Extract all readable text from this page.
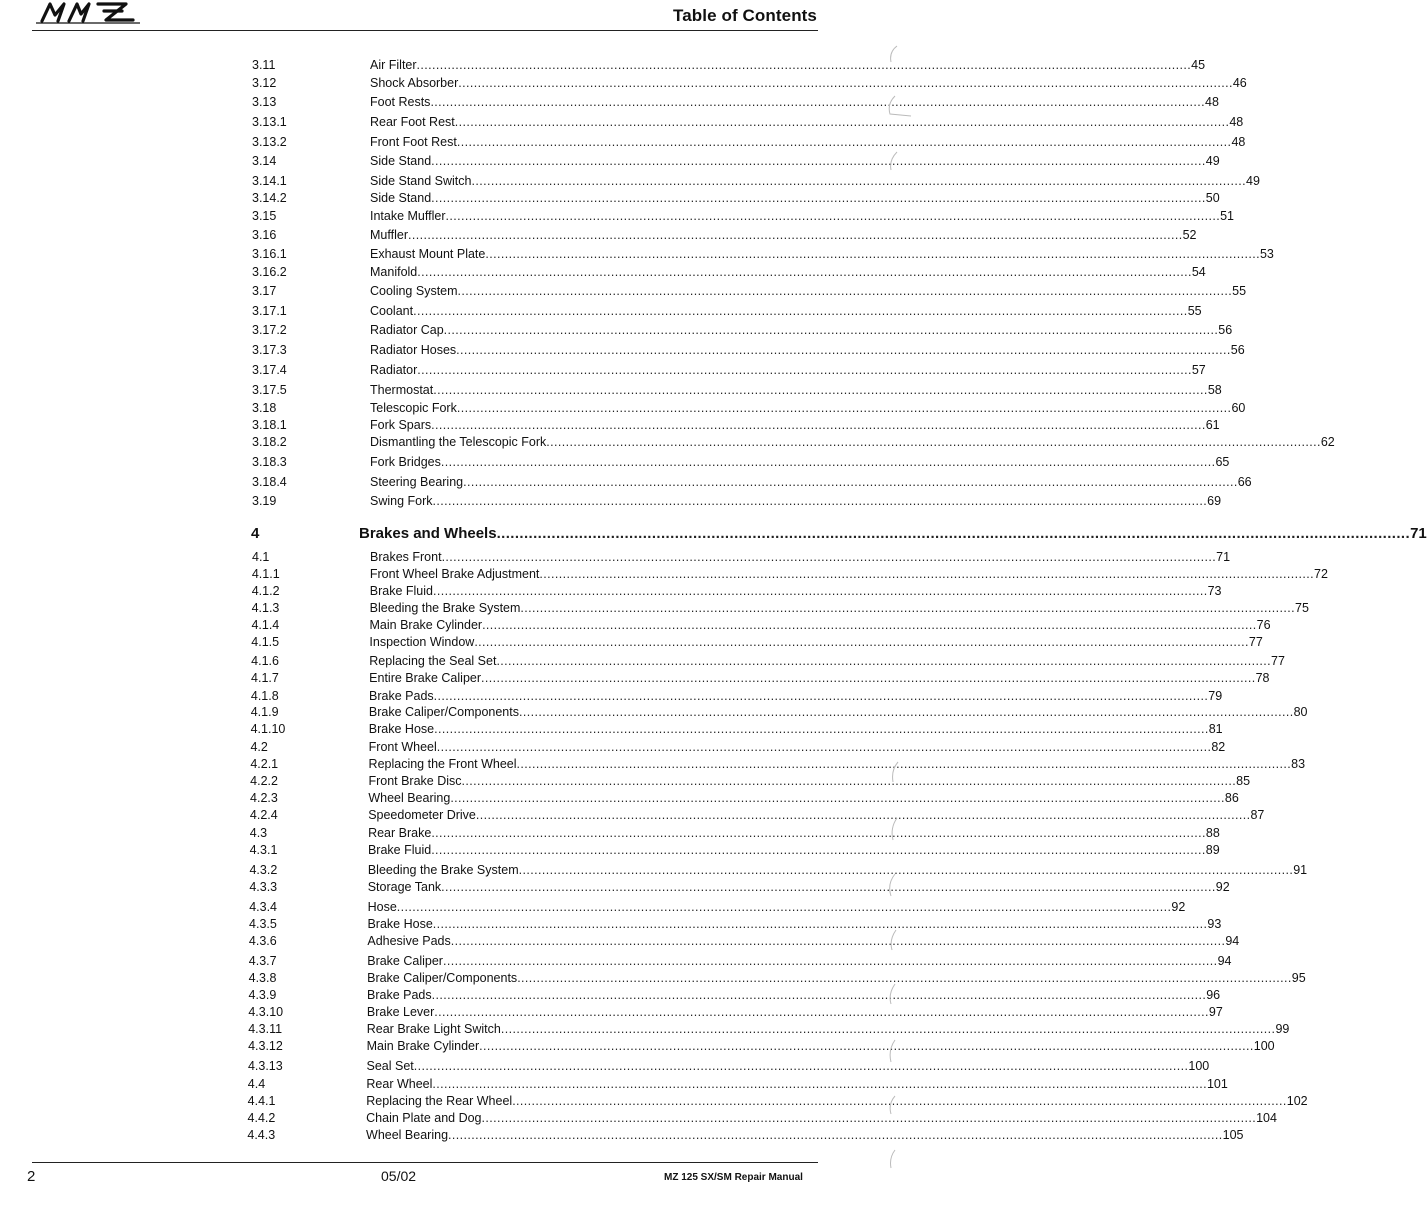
Table of Contents
3.11	Air Filter ........................................................................................................................................................................................................ 45
3.12	Shock Absorber ........................................................................................................................................................................................................ 46
3.13	Foot Rests ........................................................................................................................................................................................................ 48
3.13.1	Rear Foot Rest ........................................................................................................................................................................................................ 48
3.13.2	Front Foot Rest ........................................................................................................................................................................................................ 48
3.14	Side Stand ........................................................................................................................................................................................................ 49
3.14.1	Side Stand Switch ........................................................................................................................................................................................................ 49
3.14.2	Side Stand ........................................................................................................................................................................................................ 50
3.15	Intake Muffler ........................................................................................................................................................................................................ 51
3.16	Muffler ........................................................................................................................................................................................................ 52
3.16.1	Exhaust Mount Plate ........................................................................................................................................................................................................ 53
3.16.2	Manifold ........................................................................................................................................................................................................ 54
3.17	Cooling System ........................................................................................................................................................................................................ 55
3.17.1	Coolant ........................................................................................................................................................................................................ 55
3.17.2	Radiator Cap ........................................................................................................................................................................................................ 56
3.17.3	Radiator Hoses ........................................................................................................................................................................................................ 56
3.17.4	Radiator ........................................................................................................................................................................................................ 57
3.17.5	Thermostat ........................................................................................................................................................................................................ 58
3.18	Telescopic Fork ........................................................................................................................................................................................................ 60
3.18.1	Fork Spars ........................................................................................................................................................................................................ 61
3.18.2	Dismantling the Telescopic Fork ........................................................................................................................................................................................................ 62
3.18.3	Fork Bridges ........................................................................................................................................................................................................ 65
3.18.4	Steering Bearing ........................................................................................................................................................................................................ 66
3.19	Swing Fork ........................................................................................................................................................................................................ 69
4	Brakes and Wheels ........................................................................................................................................................................................................ 71
4.1	Brakes Front ........................................................................................................................................................................................................ 71
4.1.1	Front Wheel Brake Adjustment ........................................................................................................................................................................................................ 72
4.1.2	Brake Fluid ........................................................................................................................................................................................................ 73
4.1.3	Bleeding the Brake System ........................................................................................................................................................................................................ 75
4.1.4	Main Brake Cylinder ........................................................................................................................................................................................................ 76
4.1.5	Inspection Window ........................................................................................................................................................................................................ 77
4.1.6	Replacing the Seal Set ........................................................................................................................................................................................................ 77
4.1.7	Entire Brake Caliper ........................................................................................................................................................................................................ 78
4.1.8	Brake Pads ........................................................................................................................................................................................................ 79
4.1.9	Brake Caliper/Components ........................................................................................................................................................................................................ 80
4.1.10	Brake Hose ........................................................................................................................................................................................................ 81
4.2	Front Wheel ........................................................................................................................................................................................................ 82
4.2.1	Replacing the Front Wheel ........................................................................................................................................................................................................ 83
4.2.2	Front Brake Disc ........................................................................................................................................................................................................ 85
4.2.3	Wheel Bearing ........................................................................................................................................................................................................ 86
4.2.4	Speedometer Drive ........................................................................................................................................................................................................ 87
4.3	Rear Brake ........................................................................................................................................................................................................ 88
4.3.1	Brake Fluid ........................................................................................................................................................................................................ 89
4.3.2	Bleeding the Brake System ........................................................................................................................................................................................................ 91
4.3.3	Storage Tank ........................................................................................................................................................................................................ 92
4.3.4	Hose ........................................................................................................................................................................................................ 92
4.3.5	Brake Hose ........................................................................................................................................................................................................ 93
4.3.6	Adhesive Pads ........................................................................................................................................................................................................ 94
4.3.7	Brake Caliper ........................................................................................................................................................................................................ 94
4.3.8	Brake Caliper/Components ........................................................................................................................................................................................................ 95
4.3.9	Brake Pads ........................................................................................................................................................................................................ 96
4.3.10	Brake Lever ........................................................................................................................................................................................................ 97
4.3.11	Rear Brake Light Switch ........................................................................................................................................................................................................ 99
4.3.12	Main Brake Cylinder ........................................................................................................................................................................................................ 100
4.3.13	Seal Set ........................................................................................................................................................................................................ 100
4.4	Rear Wheel ........................................................................................................................................................................................................ 101
4.4.1	Replacing the Rear Wheel ........................................................................................................................................................................................................ 102
4.4.2	Chain Plate and Dog ........................................................................................................................................................................................................ 104
4.4.3	Wheel Bearing ........................................................................................................................................................................................................ 105
2	05/02	MZ 125 SX/SM Repair Manual
